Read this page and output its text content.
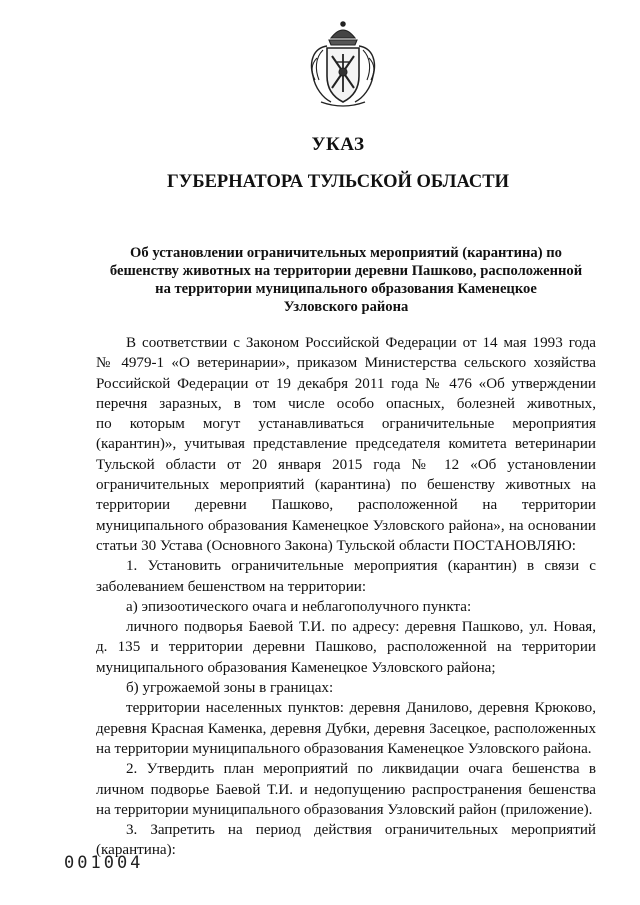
УКАЗ
ГУБЕРНАТОРА ТУЛЬСКОЙ ОБЛАСТИ
Об установлении ограничительных мероприятий (карантина) по
бешенству животных на территории деревни Пашково, расположенной
на территории муниципального образования Каменецкое
Узловского района
В соответствии с Законом Российской Федерации от 14 мая 1993 года
№ 4979-1 «О ветеринарии», приказом Министерства сельского хозяйства
Российской Федерации от 19 декабря 2011 года № 476 «Об утверждении
перечня заразных, в том числе особо опасных, болезней животных,
по которым могут устанавливаться ограничительные мероприятия
(карантин)», учитывая представление председателя комитета ветеринарии
Тульской области от 20 января 2015 года № 12 «Об установлении
ограничительных мероприятий (карантина) по бешенству животных на
территории деревни Пашково, расположенной на территории
муниципального образования Каменецкое Узловского района», на основании
статьи 30 Устава (Основного Закона) Тульской области ПОСТАНОВЛЯЮ:
1. Установить ограничительные мероприятия (карантин) в связи с
заболеванием бешенством на территории:
а) эпизоотического очага и неблагополучного пункта:
личного подворья Баевой Т.И. по адресу: деревня Пашково, ул. Новая,
д. 135 и территории деревни Пашково, расположенной на территории
муниципального образования Каменецкое Узловского района;
б) угрожаемой зоны в границах:
территории населенных пунктов: деревня Данилово, деревня Крюково,
деревня Красная Каменка, деревня Дубки, деревня Засецкое, расположенных
на территории муниципального образования Каменецкое Узловского района.
2. Утвердить план мероприятий по ликвидации очага бешенства в
личном подворье Баевой Т.И. и недопущению распространения бешенства
на территории муниципального образования Узловский район (приложение).
3. Запретить на период действия ограничительных мероприятий
(карантина):
001004
